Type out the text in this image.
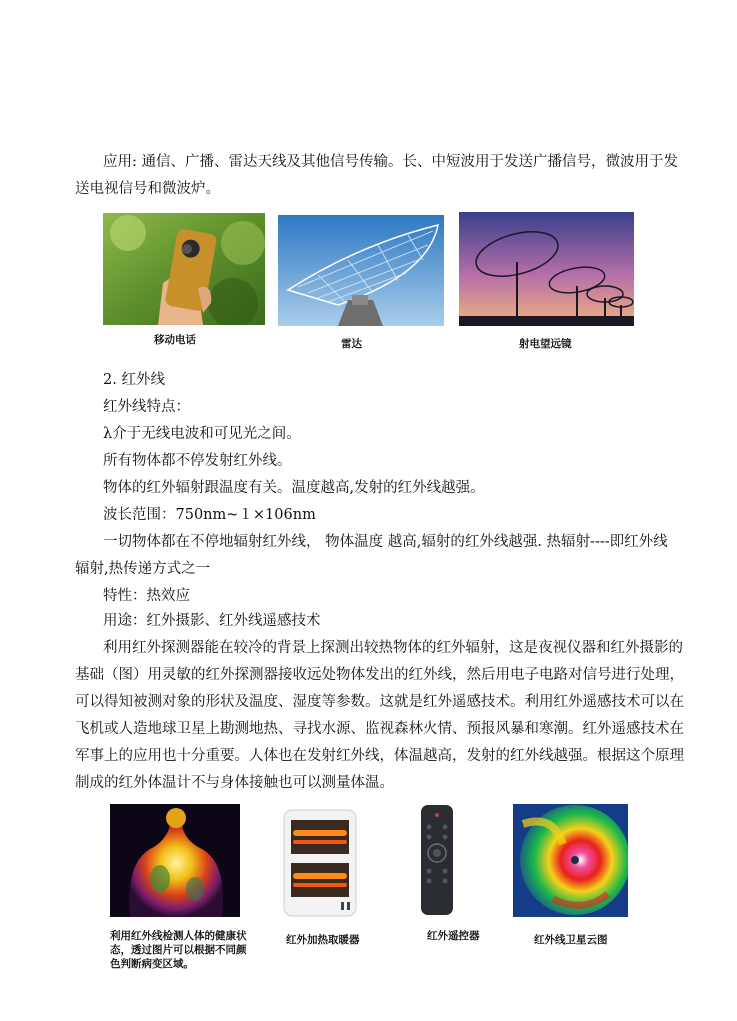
应用: 通信、广播、雷达天线及其他信号传输。长、中短波用于发送广播信号，微波用于发
送电视信号和微波炉。
移动电话	雷达	射电望远镜
2. 红外线
红外线特点：
λ介于无线电波和可见光之间。
所有物体都不停发射红外线。
物体的红外辐射跟温度有关。温度越高,发射的红外线越强。
波长范围：750nm~１×106nm
一切物体都在不停地辐射红外线， 物体温度 越高,辐射的红外线越强. 热辐射----即红外线
辐射,热传递方式之一
特性：热效应
用途：红外摄影、红外线遥感技术
利用红外探测器能在较冷的背景上探测出较热物体的红外辐射，这是夜视仪器和红外摄影的
基础（图）用灵敏的红外探测器接收远处物体发出的红外线，然后用电子电路对信号进行处理，
可以得知被测对象的形状及温度、湿度等参数。这就是红外遥感技术。利用红外遥感技术可以在
飞机或人造地球卫星上勘测地热、寻找水源、监视森林火情、预报风暴和寒潮。红外遥感技术在
军事上的应用也十分重要。人体也在发射红外线，体温越高，发射的红外线越强。根据这个原理
制成的红外体温计不与身体接触也可以测量体温。
利用红外线检测人体的健康状态，透过图片可以根据不同颜色判断病变区域。
红外加热取暖器	红外遥控器	红外线卫星云图
